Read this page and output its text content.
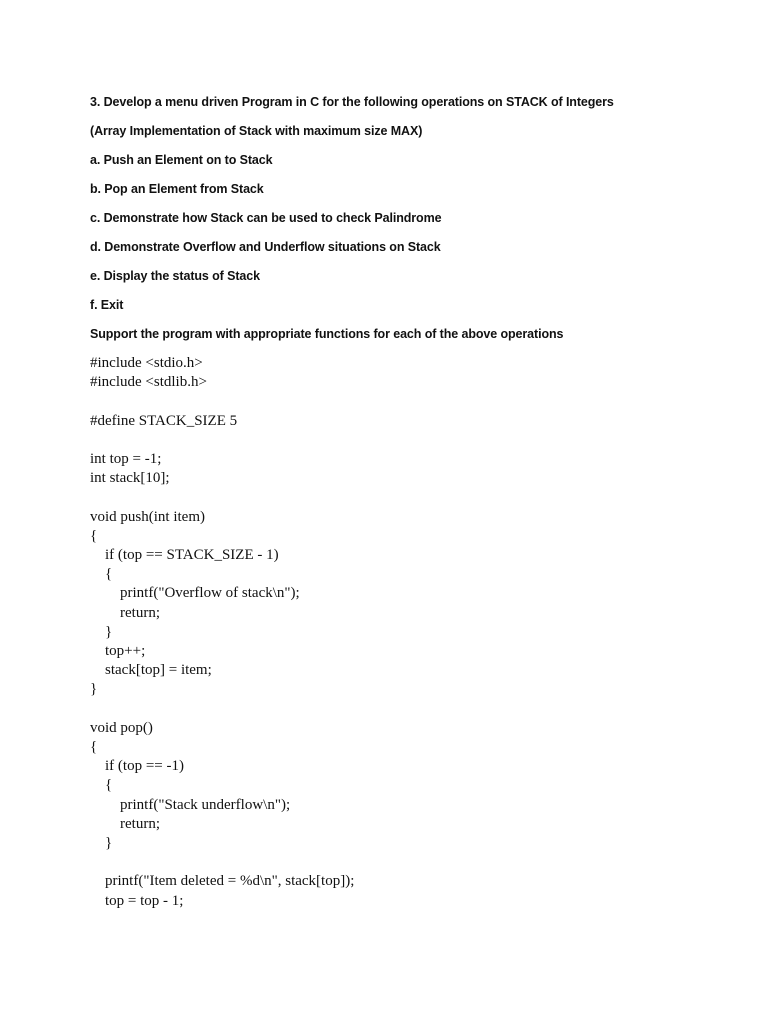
3. Develop a menu driven Program in C for the following operations on STACK of Integers
(Array Implementation of Stack with maximum size MAX)
a. Push an Element on to Stack
b. Pop an Element from Stack
c. Demonstrate how Stack can be used to check Palindrome
d. Demonstrate Overflow and Underflow situations on Stack
e. Display the status of Stack
f. Exit
Support the program with appropriate functions for each of the above operations
#include <stdio.h>
#include <stdlib.h>
#define STACK_SIZE 5
int top = -1;
int stack[10];
void push(int item)
{
if (top == STACK_SIZE - 1)
{
printf("Overflow of stack\n");
return;
}
top++;
stack[top] = item;
}
void pop()
{
if (top == -1)
{
printf("Stack underflow\n");
return;
}
printf("Item deleted = %d\n", stack[top]);
top = top - 1;
